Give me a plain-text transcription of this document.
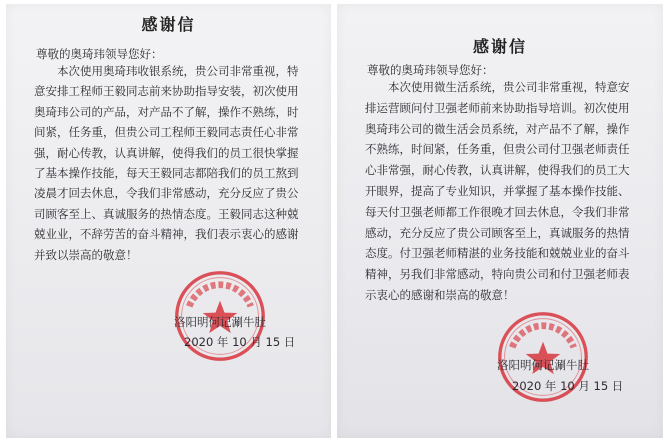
感谢信
尊敬的奥琦玮领导您好：
　　本次使用奥琦玮收银系统，贵公司非常重视，特
意安排工程师王毅同志前来协助指导安装，初次使用
奥琦玮公司的产品，对产品不了解，操作不熟练，时
间紧，任务重，但贵公司工程师王毅同志责任心非常
强，耐心传教，认真讲解，使得我们的员工很快掌握
了基本操作技能，每天王毅同志都陪我们的员工熬到
凌晨才回去休息，令我们非常感动，充分反应了贵公
司顾客至上、真诚服务的热情态度。王毅同志这种兢
兢业业，不辞劳苦的奋斗精神，我们表示衷心的感谢
并致以崇高的敬意！
洛阳明何记涮牛肚
2020 年 10 月 15 日
感谢信
尊敬的奥琦玮领导您好：
　　本次使用微生活系统，贵公司非常重视，特意安
排运营顾问付卫强老师前来协助指导培训。初次使用
奥琦玮公司的微生活会员系统，对产品不了解，操作
不熟练，时间紧，任务重，但贵公司付卫强老师责任
心非常强，耐心传教，认真讲解，使得我们的员工大
开眼界，提高了专业知识，并掌握了基本操作技能、
每天付卫强老师都工作很晚才回去休息，令我们非常
感动，充分反应了贵公司顾客至上，真诚服务的热情
态度。付卫强老师精湛的业务技能和兢兢业业的奋斗
精神，另我们非常感动，特向贵公司和付卫强老师表
示衷心的感谢和崇高的敬意！
洛阳明何记涮牛肚
2020 年 10 月 15 日
